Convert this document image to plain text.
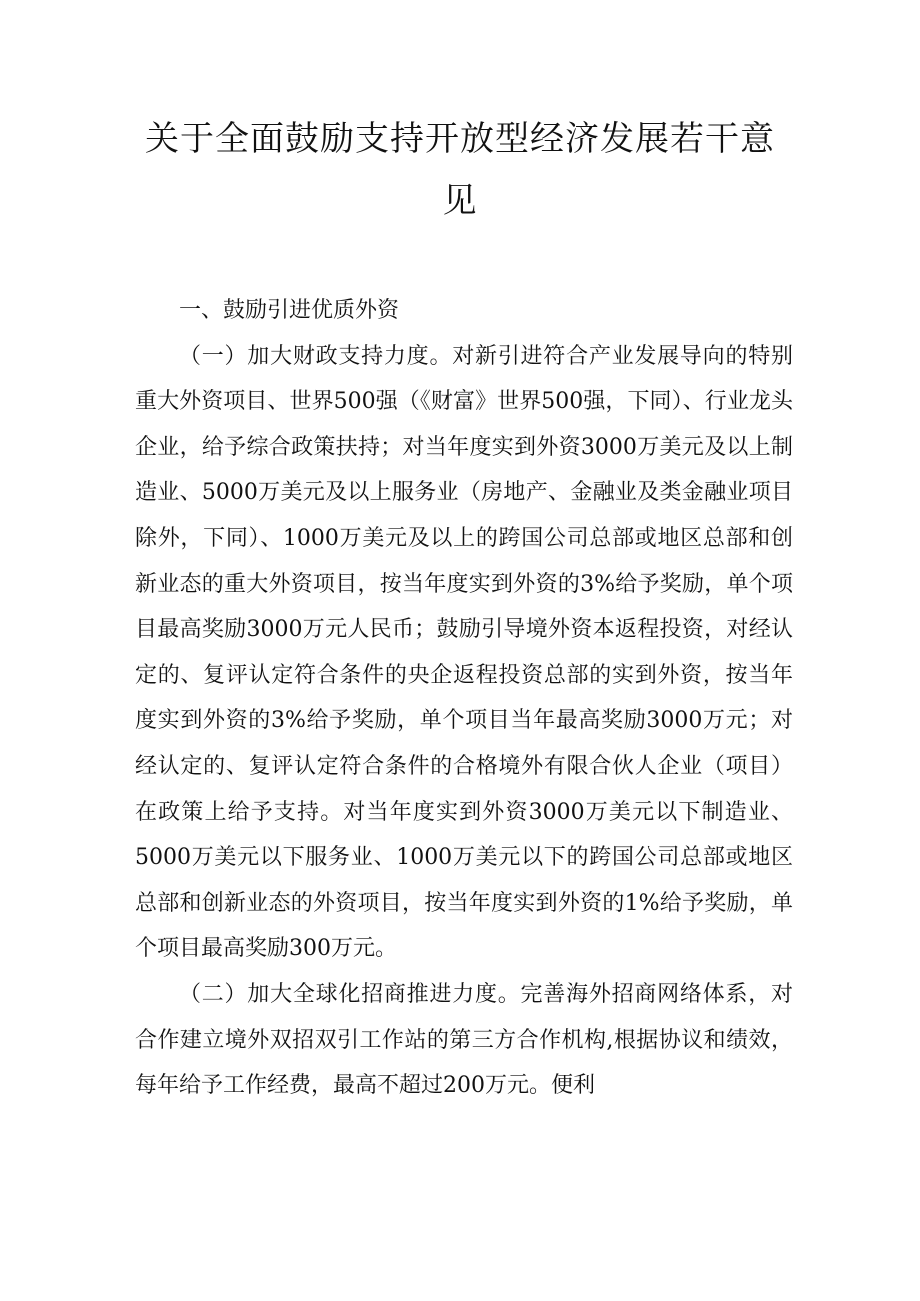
关于全面鼓励支持开放型经济发展若干意见

一、鼓励引进优质外资

（一）加大财政支持力度。对新引进符合产业发展导向的特别重大外资项目、世界500强（《财富》世界500强，下同）、行业龙头企业，给予综合政策扶持；对当年度实到外资3000万美元及以上制造业、5000万美元及以上服务业（房地产、金融业及类金融业项目除外，下同）、1000万美元及以上的跨国公司总部或地区总部和创新业态的重大外资项目，按当年度实到外资的3%给予奖励，单个项目最高奖励3000万元人民币；鼓励引导境外资本返程投资，对经认定的、复评认定符合条件的央企返程投资总部的实到外资，按当年度实到外资的3%给予奖励，单个项目当年最高奖励3000万元；对经认定的、复评认定符合条件的合格境外有限合伙人企业（项目）在政策上给予支持。对当年度实到外资3000万美元以下制造业、5000万美元以下服务业、1000万美元以下的跨国公司总部或地区总部和创新业态的外资项目，按当年度实到外资的1%给予奖励，单个项目最高奖励300万元。

（二）加大全球化招商推进力度。完善海外招商网络体系，对合作建立境外双招双引工作站的第三方合作机构,根据协议和绩效，每年给予工作经费，最高不超过200万元。便利
